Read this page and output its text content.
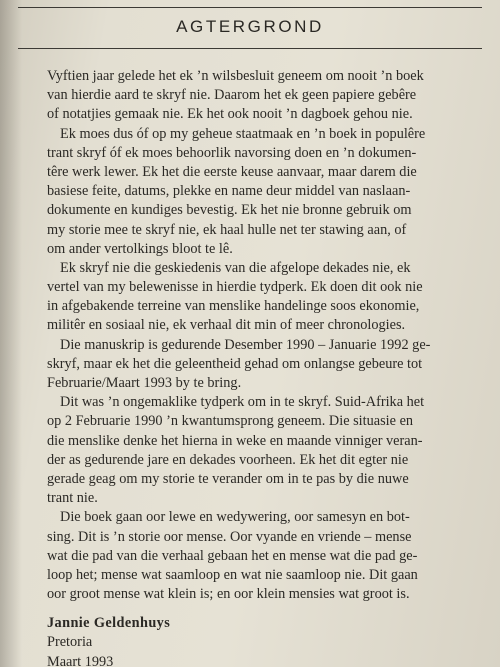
AGTERGROND
Vyftien jaar gelede het ek ’n wilsbesluit geneem om nooit ’n boek
van hierdie aard te skryf nie. Daarom het ek geen papiere gebêre
of notatjies gemaak nie. Ek het ook nooit ’n dagboek gehou nie.
Ek moes dus óf op my geheue staatmaak en ’n boek in populêre
trant skryf óf ek moes behoorlik navorsing doen en ’n dokumen-
têre werk lewer. Ek het die eerste keuse aanvaar, maar darem die
basiese feite, datums, plekke en name deur middel van naslaan-
dokumente en kundiges bevestig. Ek het nie bronne gebruik om
my storie mee te skryf nie, ek haal hulle net ter stawing aan, of
om ander vertolkings bloot te lê.
Ek skryf nie die geskiedenis van die afgelope dekades nie, ek
vertel van my belewenisse in hierdie tydperk. Ek doen dit ook nie
in afgebakende terreine van menslike handelinge soos ekonomie,
militêr en sosiaal nie, ek verhaal dit min of meer chronologies.
Die manuskrip is gedurende Desember 1990 – Januarie 1992 ge-
skryf, maar ek het die geleentheid gehad om onlangse gebeure tot
Februarie/Maart 1993 by te bring.
Dit was ’n ongemaklike tydperk om in te skryf. Suid-Afrika het
op 2 Februarie 1990 ’n kwantumsprong geneem. Die situasie en
die menslike denke het hierna in weke en maande vinniger veran-
der as gedurende jare en dekades voorheen. Ek het dit egter nie
gerade geag om my storie te verander om in te pas by die nuwe
trant nie.
Die boek gaan oor lewe en wedywering, oor samesyn en bot-
sing. Dit is ’n storie oor mense. Oor vyande en vriende – mense
wat die pad van die verhaal gebaan het en mense wat die pad ge-
loop het; mense wat saamloop en wat nie saamloop nie. Dit gaan
oor groot mense wat klein is; en oor klein mensies wat groot is.
Jannie Geldenhuys
Pretoria
Maart 1993
